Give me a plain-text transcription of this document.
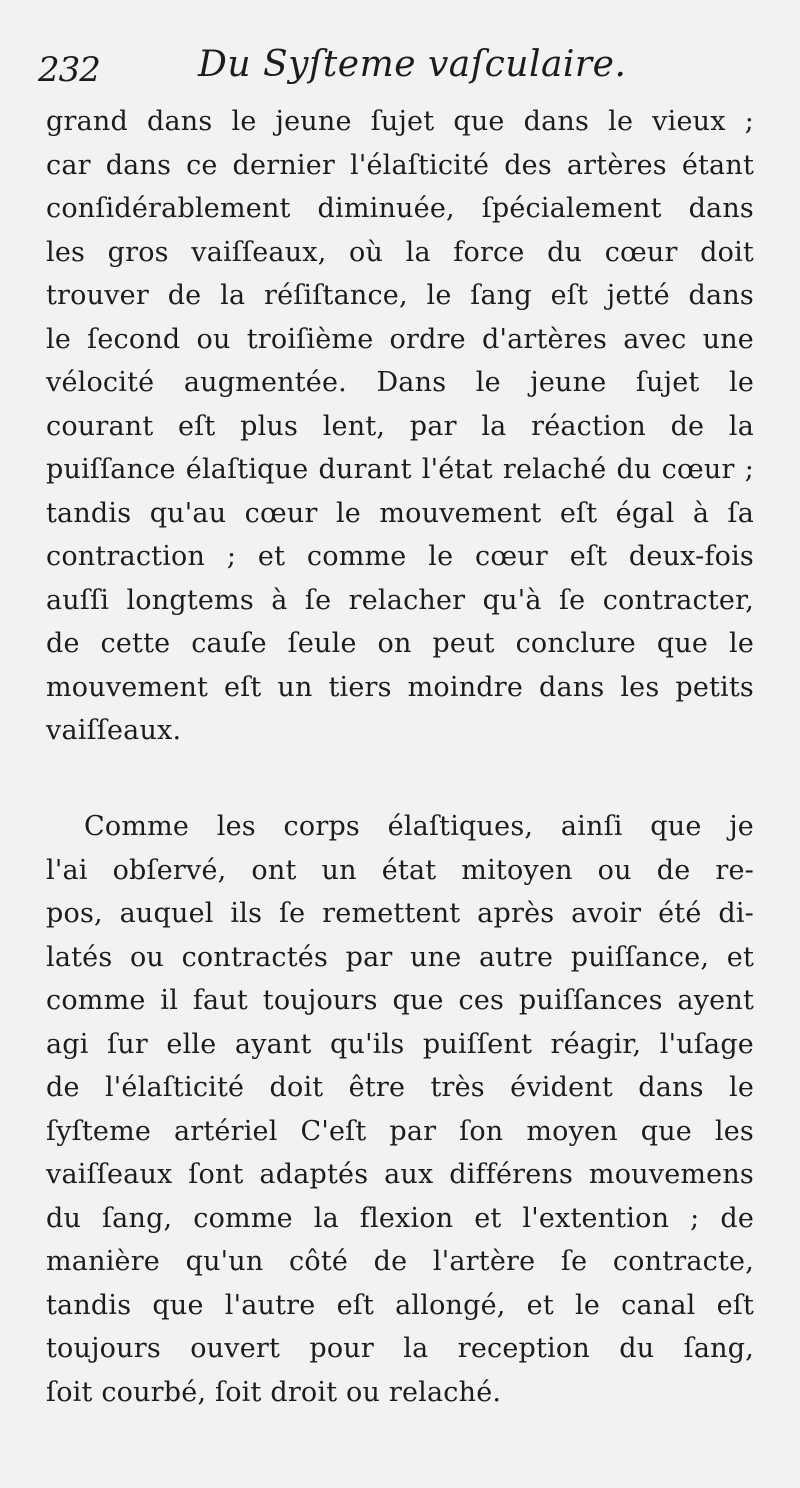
232	Du Syſteme vaſculaire.
grand dans le jeune ſujet que dans le vieux ;
car dans ce dernier l'élaſticité des artères étant
conſidérablement diminuée, ſpécialement dans
les gros vaiſſeaux, où la force du cœur doit
trouver de la réſiſtance, le ſang eſt jetté dans
le ſecond ou troiſième ordre d'artères avec une
vélocité augmentée. Dans le jeune ſujet le
courant eſt plus lent, par la réaction de la
puiſſance élaſtique durant l'état relaché du cœur ;
tandis qu'au cœur le mouvement eſt égal à ſa
contraction ; et comme le cœur eſt deux-fois
auſſi longtems à ſe relacher qu'à ſe contracter,
de cette cauſe ſeule on peut conclure que le
mouvement eſt un tiers moindre dans les petits
vaiſſeaux.
Comme les corps élaſtiques, ainſi que je
l'ai obſervé, ont un état mitoyen ou de re-
pos, auquel ils ſe remettent après avoir été di-
latés ou contractés par une autre puiſſance, et
comme il faut toujours que ces puiſſances ayent
agi ſur elle ayant qu'ils puiſſent réagir, l'uſage
de l'élaſticité doit être très évident dans le
ſyſteme artériel C'eſt par ſon moyen que les
vaiſſeaux ſont adaptés aux différens mouvemens
du ſang, comme la flexion et l'extention ; de
manière qu'un côté de l'artère ſe contracte,
tandis que l'autre eſt allongé, et le canal eſt
toujours ouvert pour la reception du ſang,
ſoit courbé, ſoit droit ou relaché.
